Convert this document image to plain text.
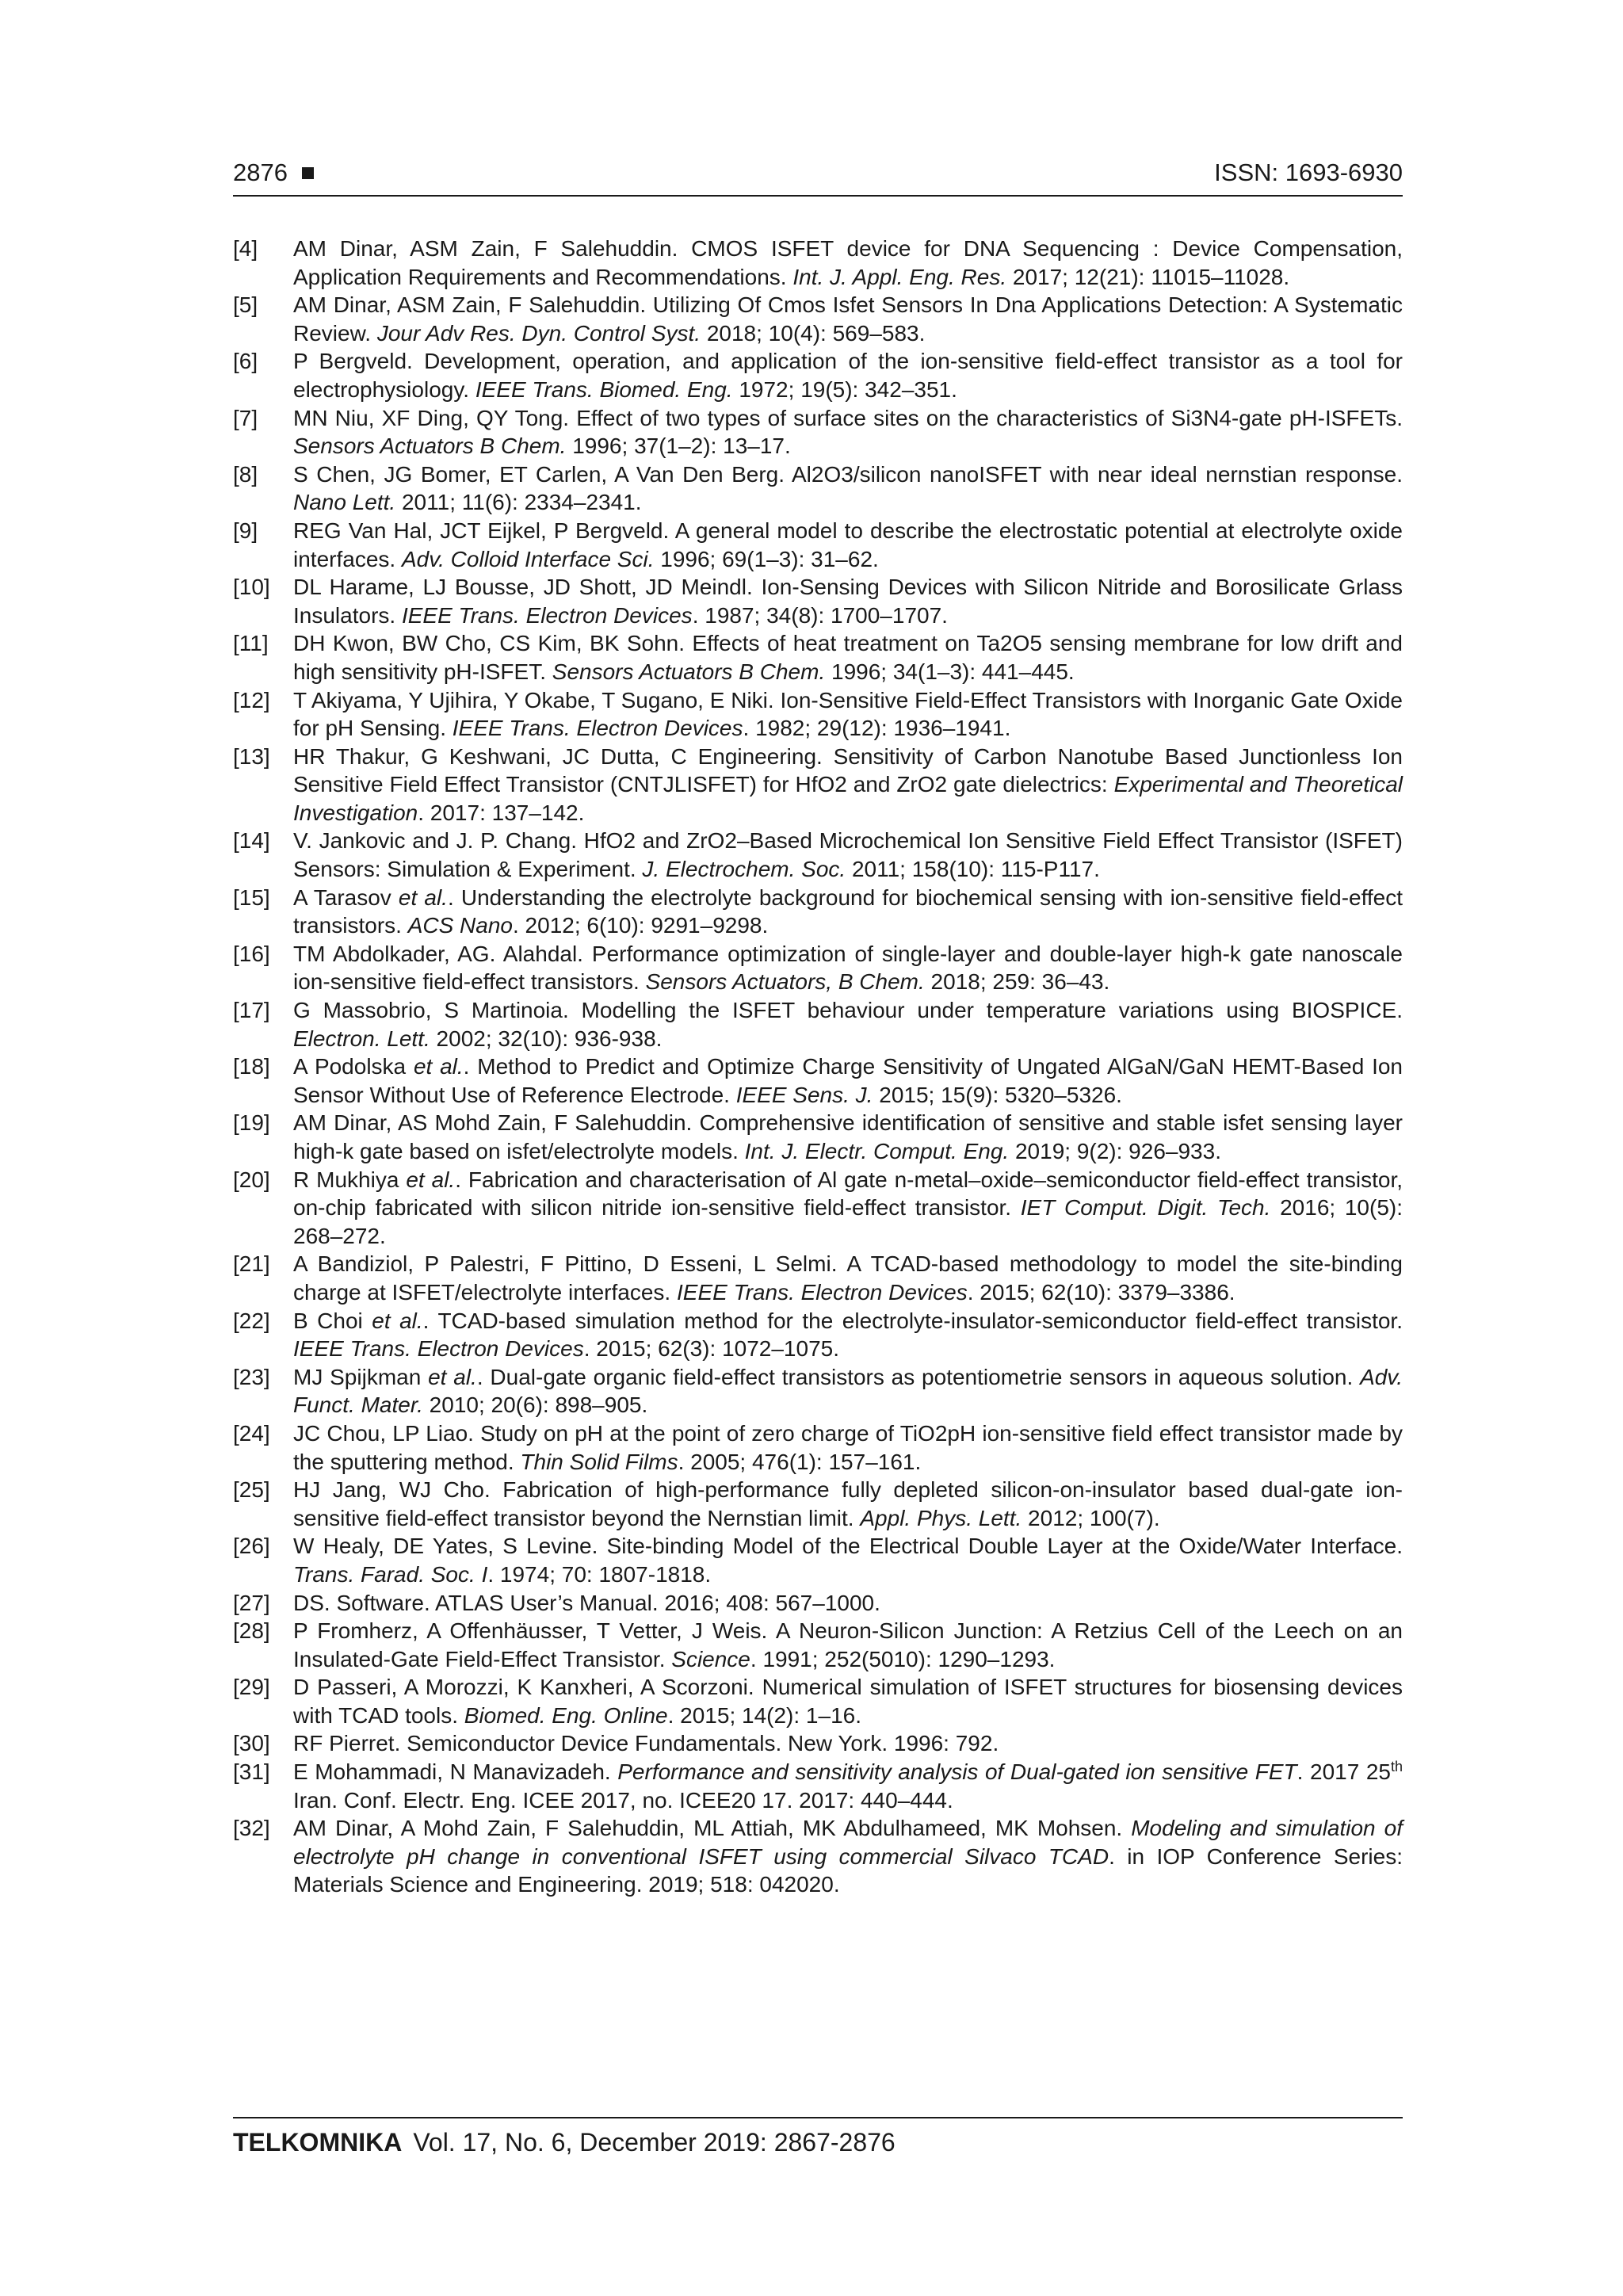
2876	ISSN: 1693-6930
[4] AM Dinar, ASM Zain, F Salehuddin. CMOS ISFET device for DNA Sequencing : Device Compensation, Application Requirements and Recommendations. Int. J. Appl. Eng. Res. 2017; 12(21): 11015–11028.
[5] AM Dinar, ASM Zain, F Salehuddin. Utilizing Of Cmos Isfet Sensors In Dna Applications Detection: A Systematic Review. Jour Adv Res. Dyn. Control Syst. 2018; 10(4): 569–583.
[6] P Bergveld. Development, operation, and application of the ion-sensitive field-effect transistor as a tool for electrophysiology. IEEE Trans. Biomed. Eng. 1972; 19(5): 342–351.
[7] MN Niu, XF Ding, QY Tong. Effect of two types of surface sites on the characteristics of Si3N4-gate pH-ISFETs. Sensors Actuators B Chem. 1996; 37(1–2): 13–17.
[8] S Chen, JG Bomer, ET Carlen, A Van Den Berg. Al2O3/silicon nanoISFET with near ideal nernstian response. Nano Lett. 2011; 11(6): 2334–2341.
[9] REG Van Hal, JCT Eijkel, P Bergveld. A general model to describe the electrostatic potential at electrolyte oxide interfaces. Adv. Colloid Interface Sci. 1996; 69(1–3): 31–62.
[10] DL Harame, LJ Bousse, JD Shott, JD Meindl. Ion-Sensing Devices with Silicon Nitride and Borosilicate Grlass Insulators. IEEE Trans. Electron Devices. 1987; 34(8): 1700–1707.
[11] DH Kwon, BW Cho, CS Kim, BK Sohn. Effects of heat treatment on Ta2O5 sensing membrane for low drift and high sensitivity pH-ISFET. Sensors Actuators B Chem. 1996; 34(1–3): 441–445.
[12] T Akiyama, Y Ujihira, Y Okabe, T Sugano, E Niki. Ion-Sensitive Field-Effect Transistors with Inorganic Gate Oxide for pH Sensing. IEEE Trans. Electron Devices. 1982; 29(12): 1936–1941.
[13] HR Thakur, G Keshwani, JC Dutta, C Engineering. Sensitivity of Carbon Nanotube Based Junctionless Ion Sensitive Field Effect Transistor (CNTJLISFET) for HfO2 and ZrO2 gate dielectrics: Experimental and Theoretical Investigation. 2017: 137–142.
[14] V. Jankovic and J. P. Chang. HfO2 and ZrO2–Based Microchemical Ion Sensitive Field Effect Transistor (ISFET) Sensors: Simulation & Experiment. J. Electrochem. Soc. 2011; 158(10): 115-P117.
[15] A Tarasov et al.. Understanding the electrolyte background for biochemical sensing with ion-sensitive field-effect transistors. ACS Nano. 2012; 6(10): 9291–9298.
[16] TM Abdolkader, AG. Alahdal. Performance optimization of single-layer and double-layer high-k gate nanoscale ion-sensitive field-effect transistors. Sensors Actuators, B Chem. 2018; 259: 36–43.
[17] G Massobrio, S Martinoia. Modelling the ISFET behaviour under temperature variations using BIOSPICE. Electron. Lett. 2002; 32(10): 936-938.
[18] A Podolska et al.. Method to Predict and Optimize Charge Sensitivity of Ungated AlGaN/GaN HEMT-Based Ion Sensor Without Use of Reference Electrode. IEEE Sens. J. 2015; 15(9): 5320–5326.
[19] AM Dinar, AS Mohd Zain, F Salehuddin. Comprehensive identification of sensitive and stable isfet sensing layer high-k gate based on isfet/electrolyte models. Int. J. Electr. Comput. Eng. 2019; 9(2): 926–933.
[20] R Mukhiya et al.. Fabrication and characterisation of Al gate n-metal–oxide–semiconductor field-effect transistor, on-chip fabricated with silicon nitride ion-sensitive field-effect transistor. IET Comput. Digit. Tech. 2016; 10(5): 268–272.
[21] A Bandiziol, P Palestri, F Pittino, D Esseni, L Selmi. A TCAD-based methodology to model the site-binding charge at ISFET/electrolyte interfaces. IEEE Trans. Electron Devices. 2015; 62(10): 3379–3386.
[22] B Choi et al.. TCAD-based simulation method for the electrolyte-insulator-semiconductor field-effect transistor. IEEE Trans. Electron Devices. 2015; 62(3): 1072–1075.
[23] MJ Spijkman et al.. Dual-gate organic field-effect transistors as potentiometrie sensors in aqueous solution. Adv. Funct. Mater. 2010; 20(6): 898–905.
[24] JC Chou, LP Liao. Study on pH at the point of zero charge of TiO2pH ion-sensitive field effect transistor made by the sputtering method. Thin Solid Films. 2005; 476(1): 157–161.
[25] HJ Jang, WJ Cho. Fabrication of high-performance fully depleted silicon-on-insulator based dual-gate ion-sensitive field-effect transistor beyond the Nernstian limit. Appl. Phys. Lett. 2012; 100(7).
[26] W Healy, DE Yates, S Levine. Site-binding Model of the Electrical Double Layer at the Oxide/Water Interface. Trans. Farad. Soc. I. 1974; 70: 1807-1818.
[27] DS. Software. ATLAS User’s Manual. 2016; 408: 567–1000.
[28] P Fromherz, A Offenhäusser, T Vetter, J Weis. A Neuron-Silicon Junction: A Retzius Cell of the Leech on an Insulated-Gate Field-Effect Transistor. Science. 1991; 252(5010): 1290–1293.
[29] D Passeri, A Morozzi, K Kanxheri, A Scorzoni. Numerical simulation of ISFET structures for biosensing devices with TCAD tools. Biomed. Eng. Online. 2015; 14(2): 1–16.
[30] RF Pierret. Semiconductor Device Fundamentals. New York. 1996: 792.
[31] E Mohammadi, N Manavizadeh. Performance and sensitivity analysis of Dual-gated ion sensitive FET. 2017 25th Iran. Conf. Electr. Eng. ICEE 2017, no. ICEE20 17. 2017: 440–444.
[32] AM Dinar, A Mohd Zain, F Salehuddin, ML Attiah, MK Abdulhameed, MK Mohsen. Modeling and simulation of electrolyte pH change in conventional ISFET using commercial Silvaco TCAD. in IOP Conference Series: Materials Science and Engineering. 2019; 518: 042020.
TELKOMNIKA Vol. 17, No. 6, December 2019: 2867-2876
